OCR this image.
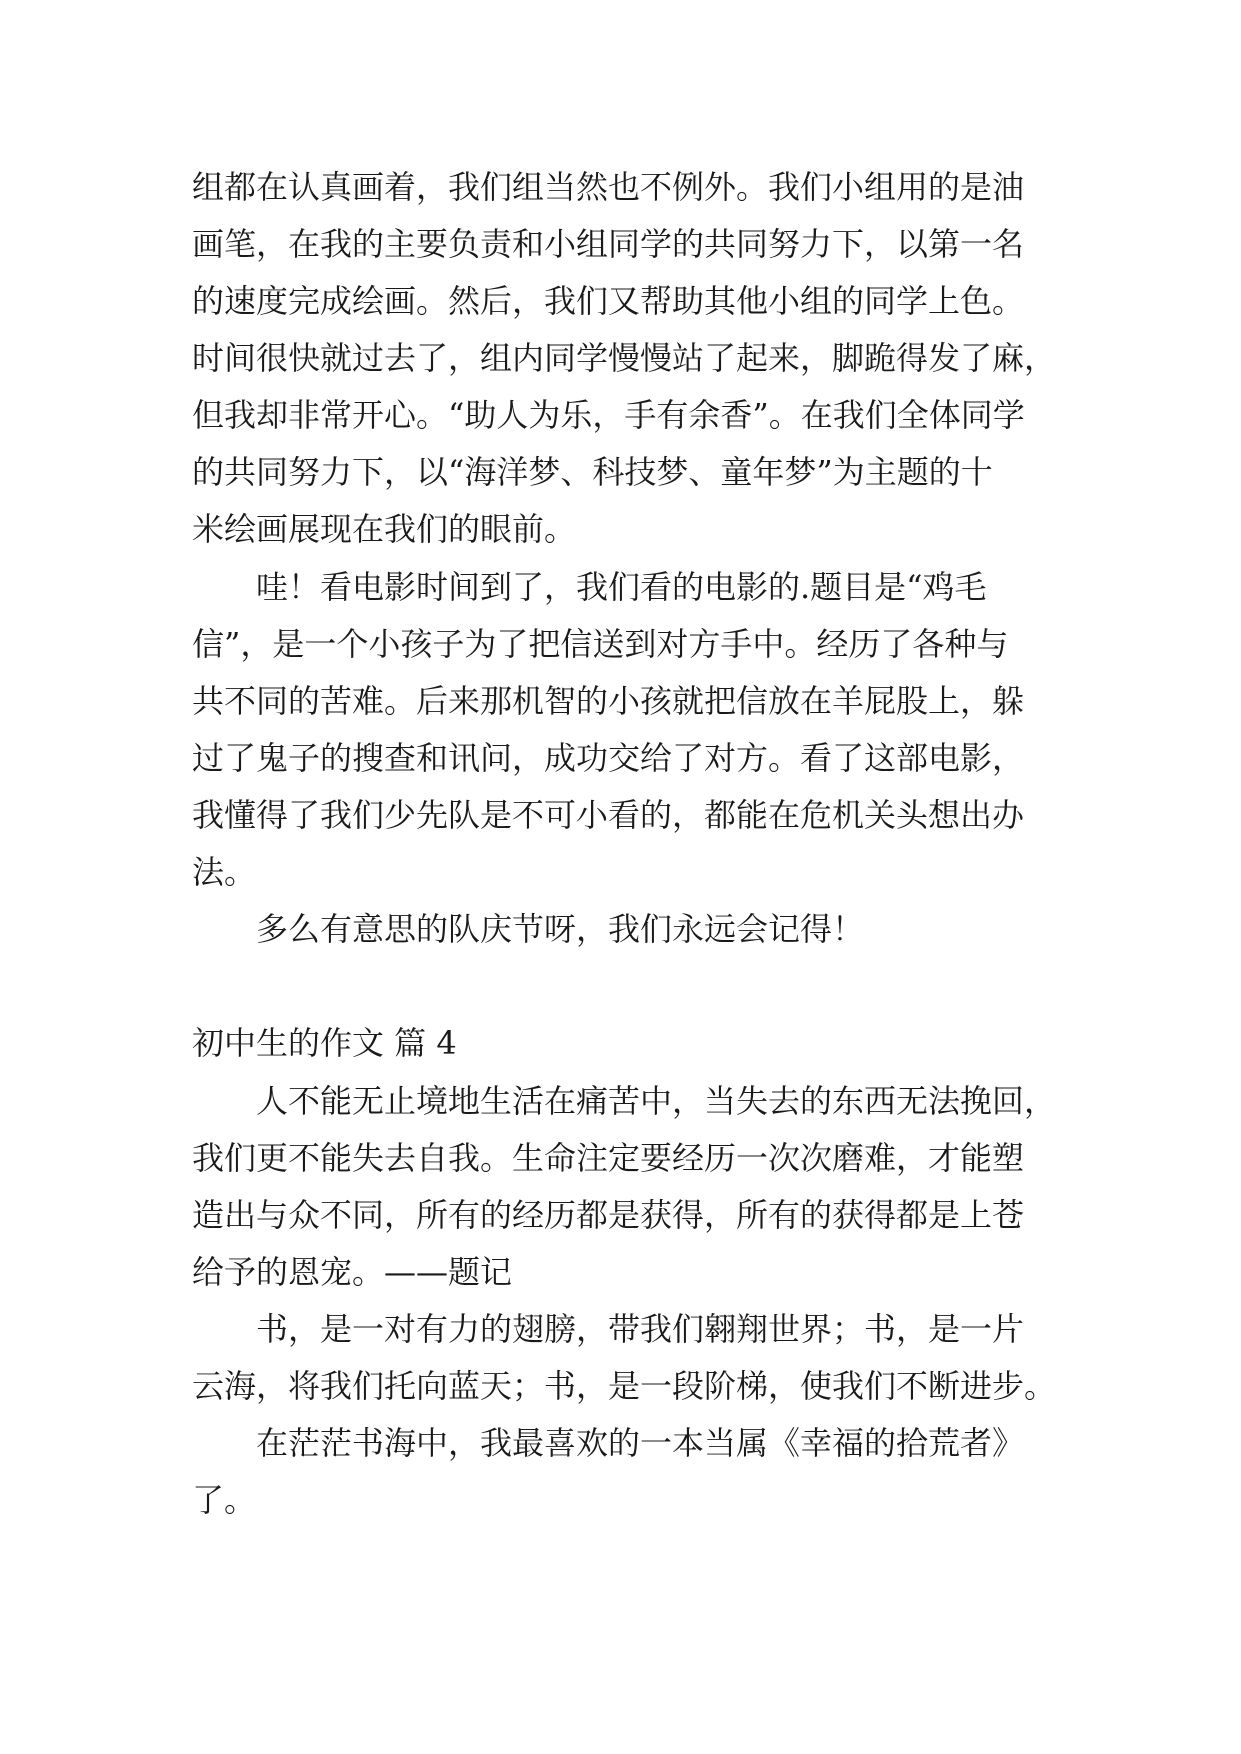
组都在认真画着，我们组当然也不例外。我们小组用的是油
画笔，在我的主要负责和小组同学的共同努力下，以第一名
的速度完成绘画。然后，我们又帮助其他小组的同学上色。
时间很快就过去了，组内同学慢慢站了起来，脚跪得发了麻，
但我却非常开心。“助人为乐，手有余香”。在我们全体同学
的共同努力下，以“海洋梦、科技梦、童年梦”为主题的十
米绘画展现在我们的眼前。
哇！看电影时间到了，我们看的电影的.题目是“鸡毛
信”，是一个小孩子为了把信送到对方手中。经历了各种与
共不同的苦难。后来那机智的小孩就把信放在羊屁股上，躲
过了鬼子的搜查和讯问，成功交给了对方。看了这部电影，
我懂得了我们少先队是不可小看的，都能在危机关头想出办
法。
多么有意思的队庆节呀，我们永远会记得！
初中生的作文 篇 4
人不能无止境地生活在痛苦中，当失去的东西无法挽回，
我们更不能失去自我。生命注定要经历一次次磨难，才能塑
造出与众不同，所有的经历都是获得，所有的获得都是上苍
给予的恩宠。——题记
书，是一对有力的翅膀，带我们翱翔世界；书，是一片
云海，将我们托向蓝天；书，是一段阶梯，使我们不断进步。
在茫茫书海中，我最喜欢的一本当属《幸福的拾荒者》
了。
